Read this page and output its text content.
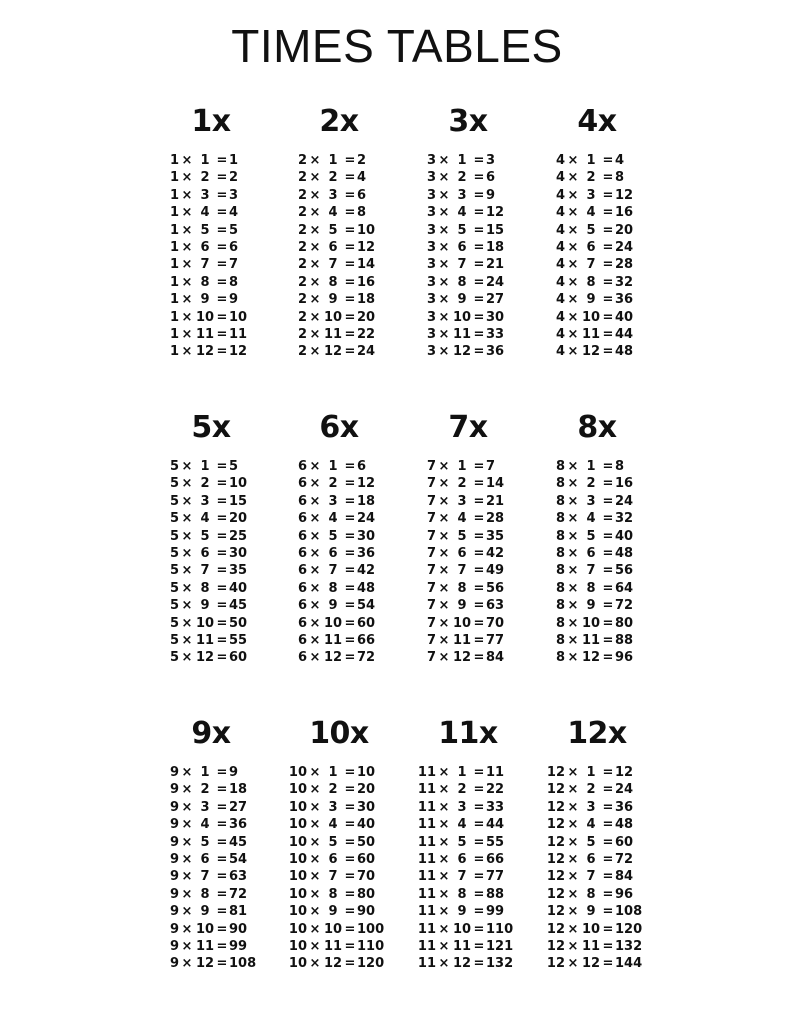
TIMES TABLES
1x
1 × 1 = 1
1 × 2 = 2
1 × 3 = 3
1 × 4 = 4
1 × 5 = 5
1 × 6 = 6
1 × 7 = 7
1 × 8 = 8
1 × 9 = 9
1 × 10 = 10
1 × 11 = 11
1 × 12 = 12
2x
2 × 1 = 2
2 × 2 = 4
2 × 3 = 6
2 × 4 = 8
2 × 5 = 10
2 × 6 = 12
2 × 7 = 14
2 × 8 = 16
2 × 9 = 18
2 × 10 = 20
2 × 11 = 22
2 × 12 = 24
3x
3 × 1 = 3
3 × 2 = 6
3 × 3 = 9
3 × 4 = 12
3 × 5 = 15
3 × 6 = 18
3 × 7 = 21
3 × 8 = 24
3 × 9 = 27
3 × 10 = 30
3 × 11 = 33
3 × 12 = 36
4x
4 × 1 = 4
4 × 2 = 8
4 × 3 = 12
4 × 4 = 16
4 × 5 = 20
4 × 6 = 24
4 × 7 = 28
4 × 8 = 32
4 × 9 = 36
4 × 10 = 40
4 × 11 = 44
4 × 12 = 48
5x
5 × 1 = 5
5 × 2 = 10
5 × 3 = 15
5 × 4 = 20
5 × 5 = 25
5 × 6 = 30
5 × 7 = 35
5 × 8 = 40
5 × 9 = 45
5 × 10 = 50
5 × 11 = 55
5 × 12 = 60
6x
6 × 1 = 6
6 × 2 = 12
6 × 3 = 18
6 × 4 = 24
6 × 5 = 30
6 × 6 = 36
6 × 7 = 42
6 × 8 = 48
6 × 9 = 54
6 × 10 = 60
6 × 11 = 66
6 × 12 = 72
7x
7 × 1 = 7
7 × 2 = 14
7 × 3 = 21
7 × 4 = 28
7 × 5 = 35
7 × 6 = 42
7 × 7 = 49
7 × 8 = 56
7 × 9 = 63
7 × 10 = 70
7 × 11 = 77
7 × 12 = 84
8x
8 × 1 = 8
8 × 2 = 16
8 × 3 = 24
8 × 4 = 32
8 × 5 = 40
8 × 6 = 48
8 × 7 = 56
8 × 8 = 64
8 × 9 = 72
8 × 10 = 80
8 × 11 = 88
8 × 12 = 96
9x
9 × 1 = 9
9 × 2 = 18
9 × 3 = 27
9 × 4 = 36
9 × 5 = 45
9 × 6 = 54
9 × 7 = 63
9 × 8 = 72
9 × 9 = 81
9 × 10 = 90
9 × 11 = 99
9 × 12 = 108
10x
10 × 1 = 10
10 × 2 = 20
10 × 3 = 30
10 × 4 = 40
10 × 5 = 50
10 × 6 = 60
10 × 7 = 70
10 × 8 = 80
10 × 9 = 90
10 × 10 = 100
10 × 11 = 110
10 × 12 = 120
11x
11 × 1 = 11
11 × 2 = 22
11 × 3 = 33
11 × 4 = 44
11 × 5 = 55
11 × 6 = 66
11 × 7 = 77
11 × 8 = 88
11 × 9 = 99
11 × 10 = 110
11 × 11 = 121
11 × 12 = 132
12x
12 × 1 = 12
12 × 2 = 24
12 × 3 = 36
12 × 4 = 48
12 × 5 = 60
12 × 6 = 72
12 × 7 = 84
12 × 8 = 96
12 × 9 = 108
12 × 10 = 120
12 × 11 = 132
12 × 12 = 144
